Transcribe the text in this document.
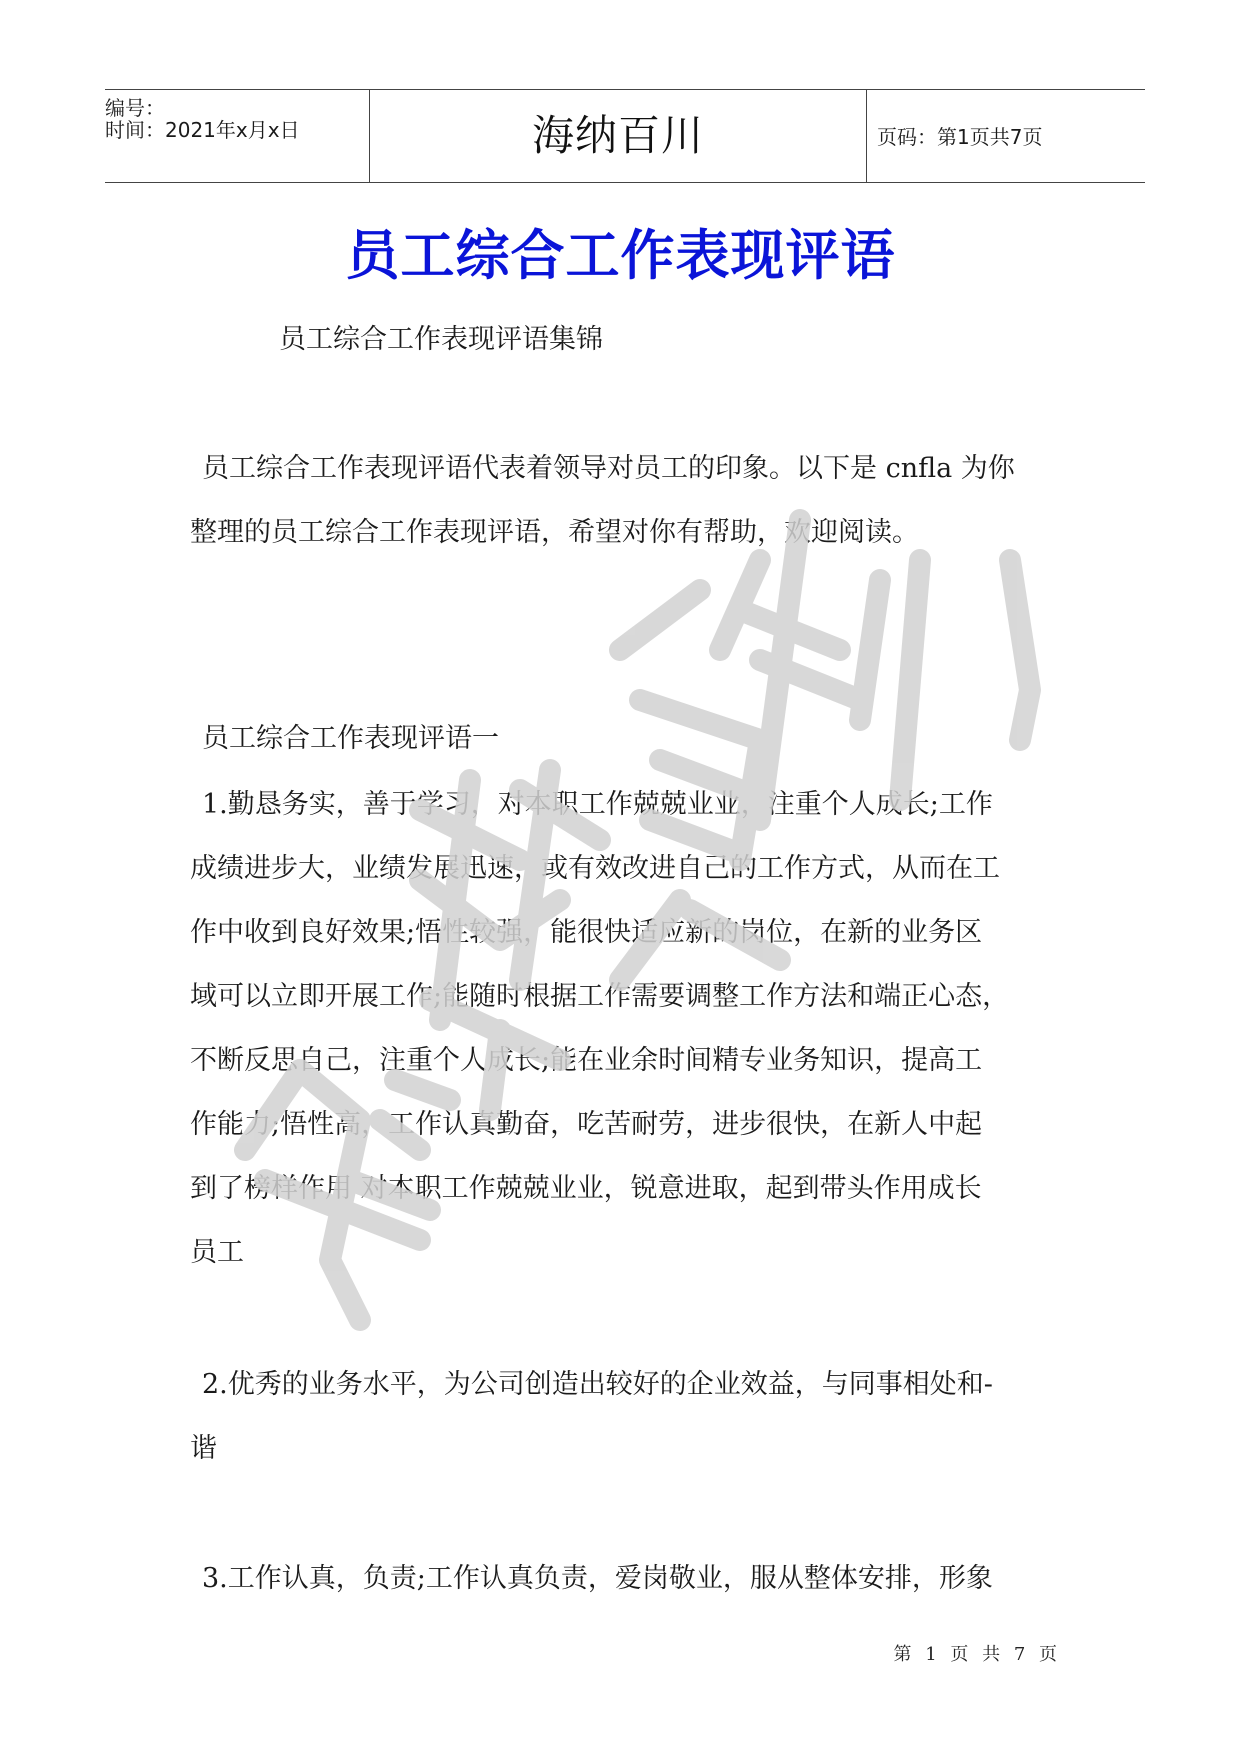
编号：
时间：2021年x月x日	海纳百川	页码：第1页共7页
员工综合工作表现评语
员工综合工作表现评语集锦
员工综合工作表现评语代表着领导对员工的印象。以下是 cnfla 为你
整理的员工综合工作表现评语，希望对你有帮助，欢迎阅读。
员工综合工作表现评语一
1.勤恳务实，善于学习，对本职工作兢兢业业，注重个人成长;工作
成绩进步大，业绩发展迅速，或有效改进自己的工作方式，从而在工
作中收到良好效果;悟性较强，能很快适应新的岗位，在新的业务区
域可以立即开展工作;能随时根据工作需要调整工作方法和端正心态，
不断反思自己，注重个人成长;能在业余时间精专业务知识，提高工
作能力;悟性高，工作认真勤奋，吃苦耐劳，进步很快，在新人中起
到了榜样作用 对本职工作兢兢业业，锐意进取，起到带头作用成长
员工
2.优秀的业务水平，为公司创造出较好的企业效益，与同事相处和-
谐
3.工作认真，负责;工作认真负责，爱岗敬业，服从整体安排，形象
第 1 页 共 7 页
